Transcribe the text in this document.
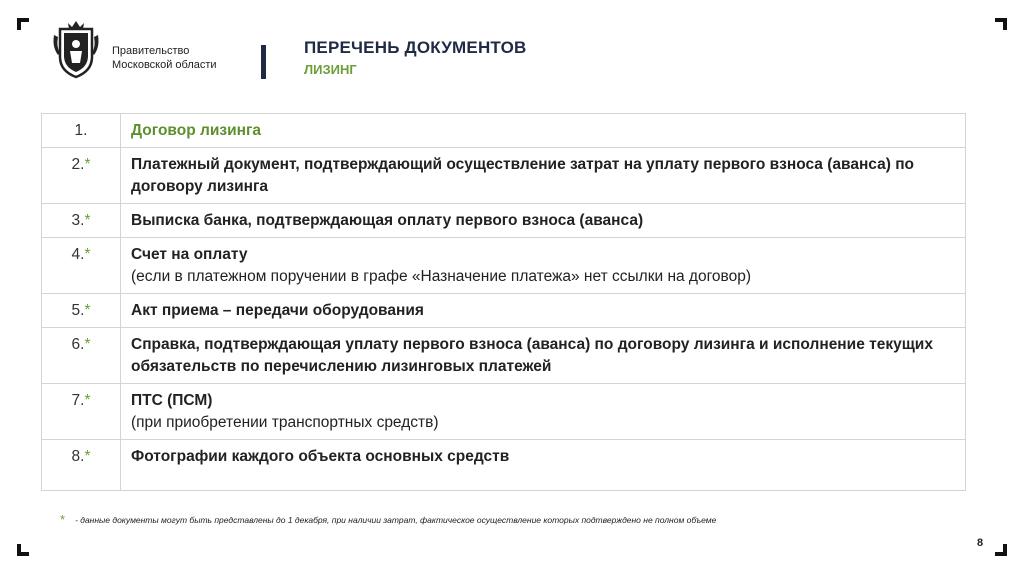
Правительство
Московской области
ПЕРЕЧЕНЬ ДОКУМЕНТОВ
ЛИЗИНГ
1.	Договор лизинга
2.*	Платежный документ, подтверждающий осуществление затрат на уплату первого взноса (аванса) по договору лизинга
3.*	Выписка банка, подтверждающая оплату первого взноса (аванса)
4.*	Счет на оплату
(если в платежном поручении в графе «Назначение платежа» нет ссылки на договор)
5.*	Акт приема – передачи оборудования
6.*	Справка, подтверждающая уплату первого взноса (аванса) по договору лизинга и исполнение текущих обязательств по перечислению лизинговых платежей
7.*	ПТС (ПСМ)
(при приобретении транспортных средств)
8.*	Фотографии каждого объекта основных средств
* - данные документы могут быть представлены до 1 декабря, при наличии затрат, фактическое осуществление которых подтверждено не полном объеме
8
